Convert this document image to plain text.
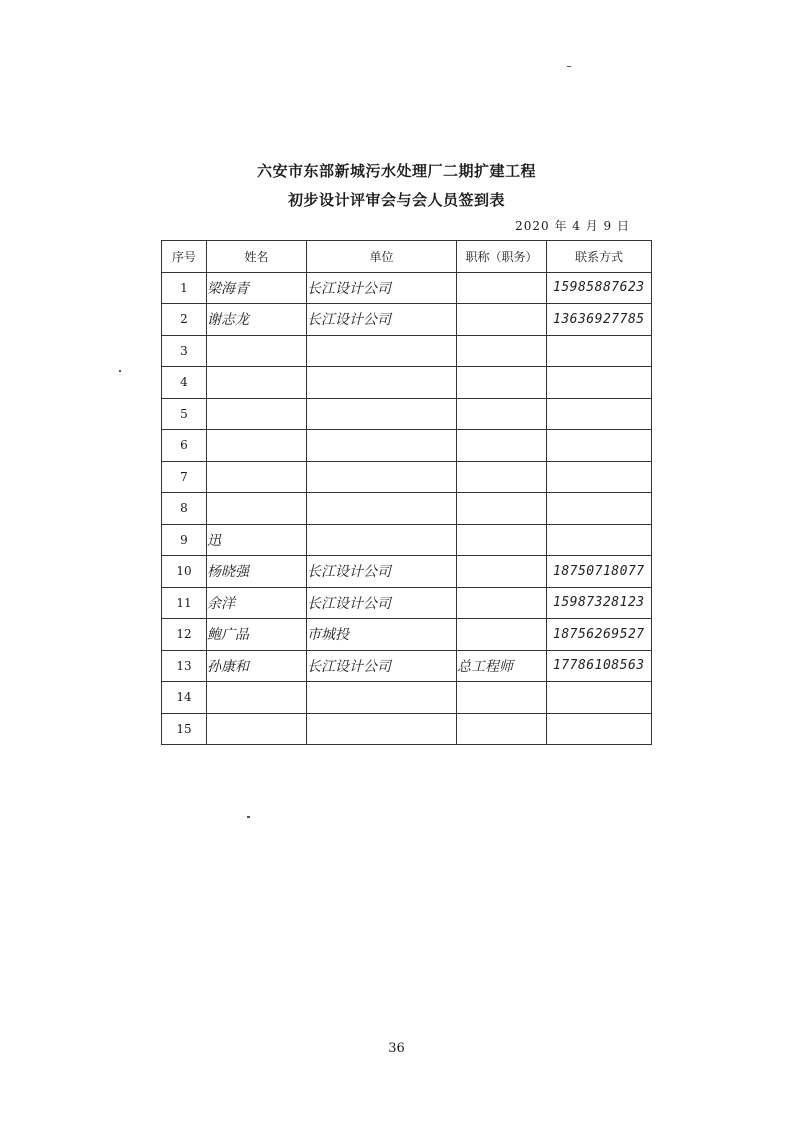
六安市东部新城污水处理厂二期扩建工程
初步设计评审会与会人员签到表
2020 年 4 月 9 日
序号	姓名	单位	职称（职务）	联系方式
1	梁海青	长江设计公司		15985887623
2	谢志龙	长江设计公司		13636927785
3				
4				
5				
6				
7				
8				
9	迅			
10	杨晓强	长江设计公司		18750718077
11	余洋	长江设计公司		15987328123
12	鲍广品	市城投		18756269527
13	孙康和	长江设计公司	总工程师	17786108563
14				
15				
36
